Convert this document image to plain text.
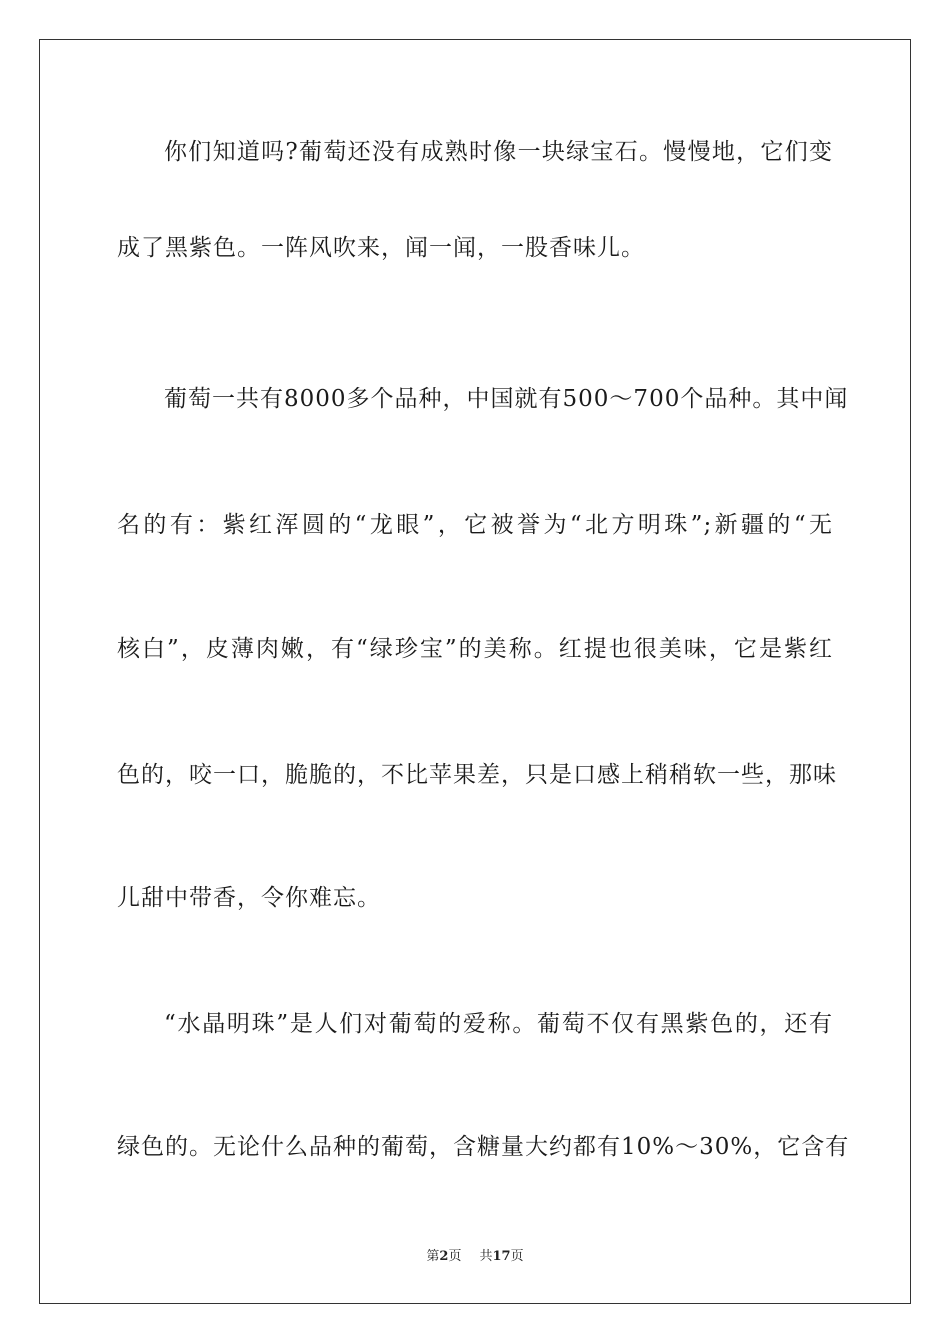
你们知道吗?葡萄还没有成熟时像一块绿宝石。慢慢地，它们变
成了黑紫色。一阵风吹来，闻一闻，一股香味儿。
葡萄一共有8000多个品种，中国就有500～700个品种。其中闻
名的有：紫红浑圆的“龙眼”，它被誉为“北方明珠”;新疆的“无
核白”，皮薄肉嫩，有“绿珍宝”的美称。红提也很美味，它是紫红
色的，咬一口，脆脆的，不比苹果差，只是口感上稍稍软一些，那味
儿甜中带香，令你难忘。
“水晶明珠”是人们对葡萄的爱称。葡萄不仅有黑紫色的，还有
绿色的。无论什么品种的葡萄，含糖量大约都有10%～30%，它含有
第2页 共17页
